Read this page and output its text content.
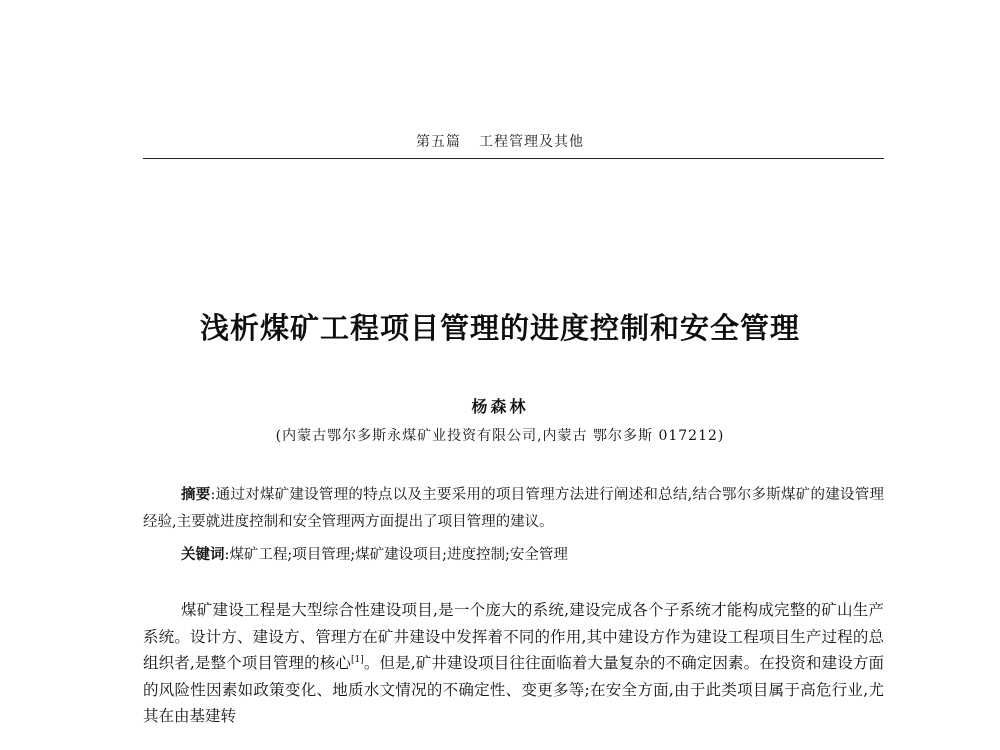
第五篇 工程管理及其他
浅析煤矿工程项目管理的进度控制和安全管理
杨森林
(内蒙古鄂尔多斯永煤矿业投资有限公司,内蒙古 鄂尔多斯 017212)

摘要:通过对煤矿建设管理的特点以及主要采用的项目管理方法进行阐述和总结,结合鄂尔多斯煤矿的建设管理经验,主要就进度控制和安全管理两方面提出了项目管理的建议。

关键词:煤矿工程;项目管理;煤矿建设项目;进度控制;安全管理

煤矿建设工程是大型综合性建设项目,是一个庞大的系统,建设完成各个子系统才能构成完整的矿山生产系统。设计方、建设方、管理方在矿井建设中发挥着不同的作用,其中建设方作为建设工程项目生产过程的总组织者,是整个项目管理的核心[1]。但是,矿井建设项目往往面临着大量复杂的不确定因素。在投资和建设方面的风险性因素如政策变化、地质水文情况的不确定性、变更多等;在安全方面,由于此类项目属于高危行业,尤其在由基建转
